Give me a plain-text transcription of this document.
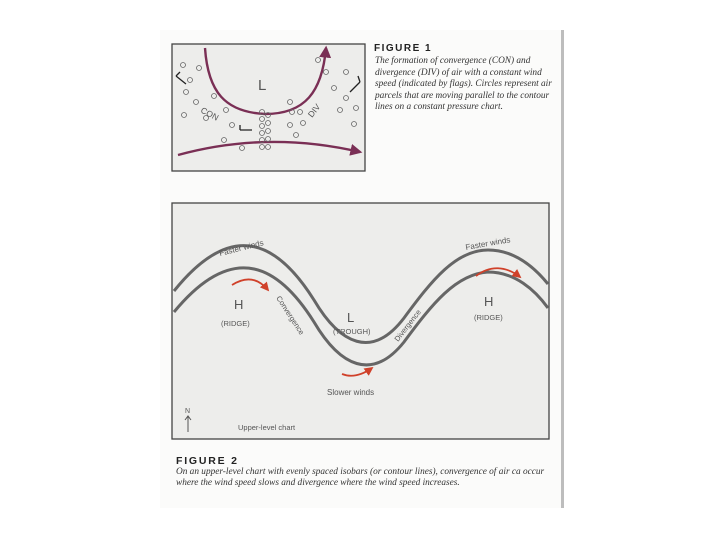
L
CON	DIV
Faster winds	Faster winds
Slower winds
H
(RIDGE)	L
(TROUGH)
H
(RIDGE)
Convergence	Divergence
N
Upper-level chart
FIGURE 1
The formation of convergence (CON) and divergence (DIV) of air with a constant wind speed (indicated by flags). Circles represent air parcels that are moving parallel to the contour lines on a constant pressure chart.
FIGURE 2
On an upper-level chart with evenly spaced isobars (or contour lines), convergence of air ca occur where the wind speed slows and divergence where the wind speed increases.
